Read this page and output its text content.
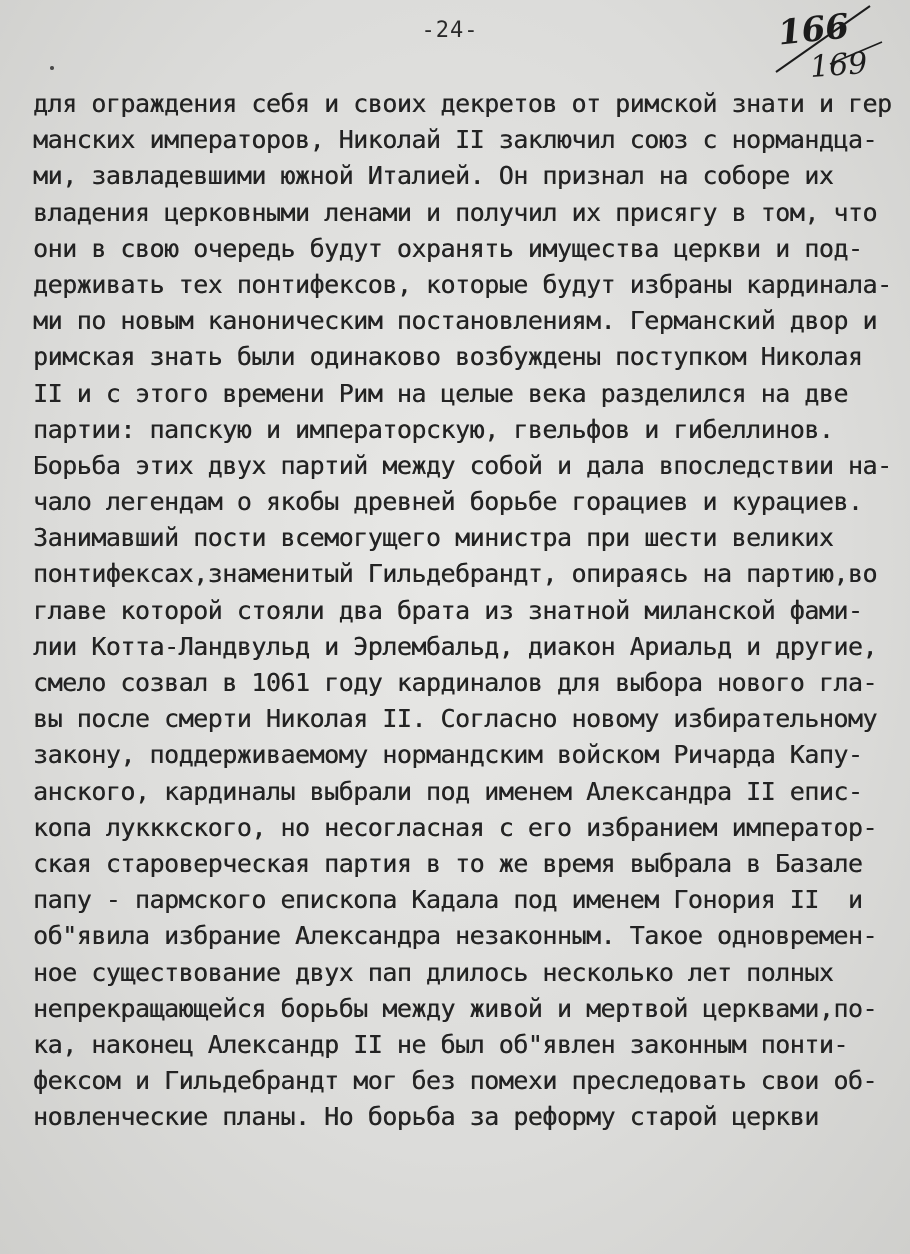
-24-	166
169
для ограждения себя и своих декретов от римской знати и гер
манских императоров, Николай II заключил союз с нормандца-
ми, завладевшими южной Италией. Он признал на соборе их
владения церковными ленами и получил их присягу в том, что
они в свою очередь будут охранять имущества церкви и под-
держивать тех понтифексов, которые будут избраны кардинала-
ми по новым каноническим постановлениям. Германский двор и
римская знать были одинаково возбуждены поступком Николая
II и с этого времени Рим на целые века разделился на две
партии: папскую и императорскую, гвельфов и гибеллинов.
Борьба этих двух партий между собой и дала впоследствии на-
чало легендам о якобы древней борьбе горациев и курациев.
Занимавший пости всемогущего министра при шести великих
понтифексах,знаменитый Гильдебрандт, опираясь на партию,во
главе которой стояли два брата из знатной миланской фами-
лии Котта-Ландвульд и Эрлембальд, диакон Ариальд и другие,
смело созвал в 1061 году кардиналов для выбора нового гла-
вы после смерти Николая II. Согласно новому избирательному
закону, поддерживаемому нормандским войском Ричарда Капу-
анского, кардиналы выбрали под именем Александра II епис-
копа лукккского, но несогласная с его избранием император-
ская староверческая партия в то же время выбрала в Базале
папу - пармского епископа Кадала под именем Гонория II  и
об"явила избрание Александра незаконным. Такое одновремен-
ное существование двух пап длилось несколько лет полных
непрекращающейся борьбы между живой и мертвой церквами,по-
ка, наконец Александр II не был об"явлен законным понти-
фексом и Гильдебрандт мог без помехи преследовать свои об-
новленческие планы. Но борьба за реформу старой церкви
